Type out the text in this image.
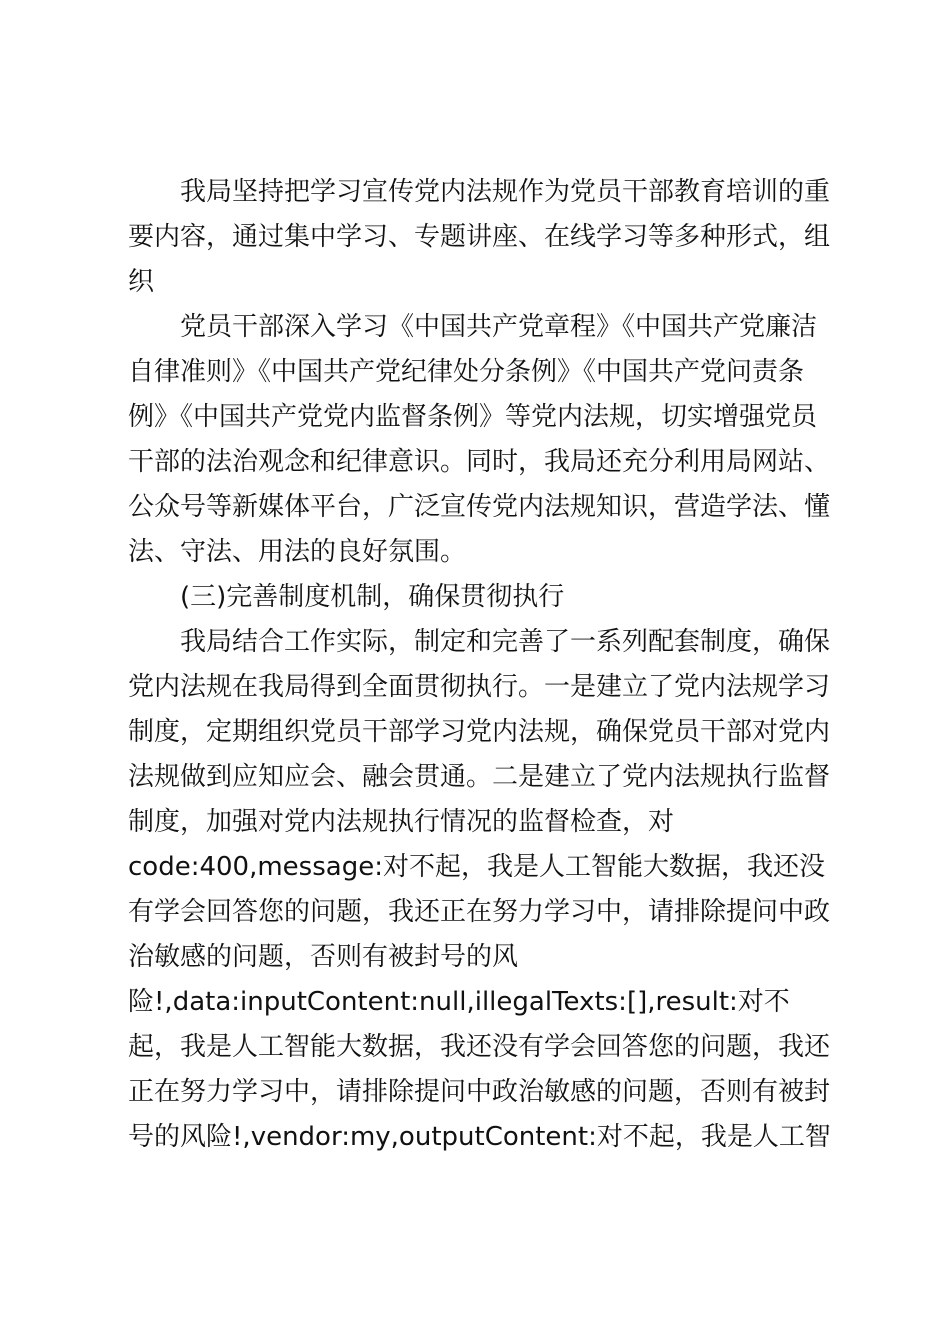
我局坚持把学习宣传党内法规作为党员干部教育培训的重
要内容，通过集中学习、专题讲座、在线学习等多种形式，组
织
党员干部深入学习《中国共产党章程》《中国共产党廉洁
自律准则》《中国共产党纪律处分条例》《中国共产党问责条
例》《中国共产党党内监督条例》等党内法规，切实增强党员
干部的法治观念和纪律意识。同时，我局还充分利用局网站、
公众号等新媒体平台，广泛宣传党内法规知识，营造学法、懂
法、守法、用法的良好氛围。
(三)完善制度机制，确保贯彻执行
我局结合工作实际，制定和完善了一系列配套制度，确保
党内法规在我局得到全面贯彻执行。一是建立了党内法规学习
制度，定期组织党员干部学习党内法规，确保党员干部对党内
法规做到应知应会、融会贯通。二是建立了党内法规执行监督
制度，加强对党内法规执行情况的监督检查，对
code:400,message:对不起，我是人工智能大数据，我还没
有学会回答您的问题，我还正在努力学习中，请排除提问中政
治敏感的问题，否则有被封号的风
险!,data:inputContent:null,illegalTexts:[],result:对不
起，我是人工智能大数据，我还没有学会回答您的问题，我还
正在努力学习中，请排除提问中政治敏感的问题，否则有被封
号的风险!,vendor:my,outputContent:对不起，我是人工智
